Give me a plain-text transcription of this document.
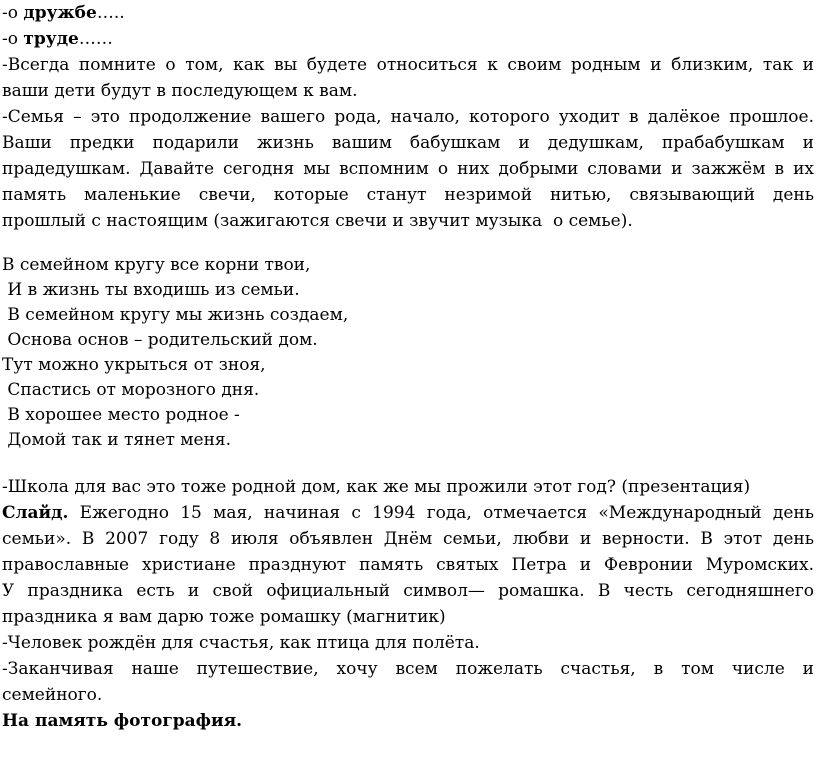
-о дружбе…..
-о труде……
-Всегда помните о том, как вы будете относиться к своим родным и близким, так и
ваши дети будут в последующем к вам.
-Семья – это продолжение вашего рода, начало, которого уходит в далёкое прошлое.
Ваши предки подарили жизнь вашим бабушкам и дедушкам, прабабушкам и
прадедушкам. Давайте сегодня мы вспомним о них добрыми словами и зажжём в их
память маленькие свечи, которые станут незримой нитью, связывающий день
прошлый с настоящим (зажигаются свечи и звучит музыка  о семье).
В семейном кругу все корни твои,
И в жизнь ты входишь из семьи.
В семейном кругу мы жизнь создаем,
Основа основ – родительский дом.
Тут можно укрыться от зноя,
Спастись от морозного дня.
В хорошее место родное -
Домой так и тянет меня.
-Школа для вас это тоже родной дом, как же мы прожили этот год? (презентация)
Слайд. Ежегодно 15 мая, начиная с 1994 года, отмечается «Международный день
семьи». В 2007 году 8 июля объявлен Днём семьи, любви и верности. В этот день
православные христиане празднуют память святых Петра и Февронии Муромских.
У праздника есть и свой официальный символ— ромашка. В честь сегодняшнего
праздника я вам дарю тоже ромашку (магнитик)
-Человек рождён для счастья, как птица для полёта.
-Заканчивая наше путешествие, хочу всем пожелать счастья, в том числе и
семейного.
На память фотография.
